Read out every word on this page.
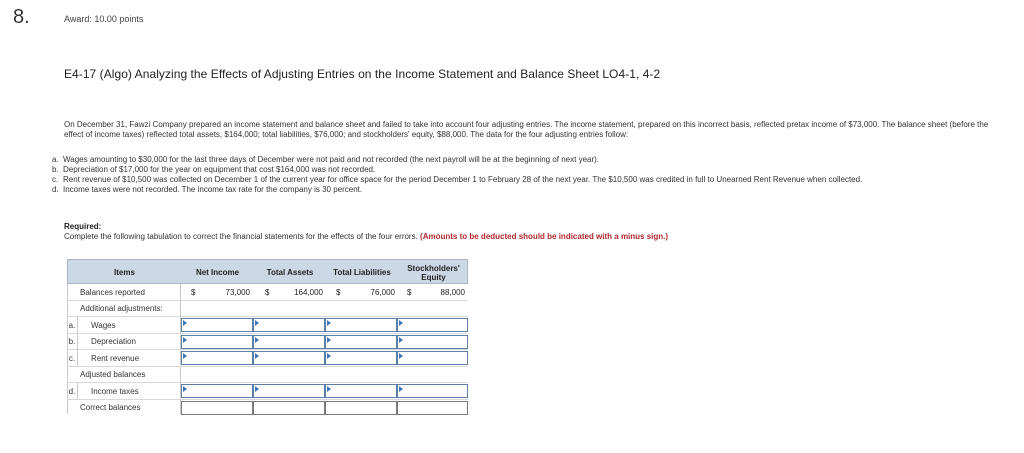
8.	Award: 10.00 points
E4-17 (Algo) Analyzing the Effects of Adjusting Entries on the Income Statement and Balance Sheet LO4-1, 4-2
On December 31, Fawzi Company prepared an income statement and balance sheet and failed to take into account four adjusting entries. The income statement, prepared on this incorrect basis, reflected pretax income of $73,000. The balance sheet (before the effect of income taxes) reflected total assets, $164,000; total liabilities, $76,000; and stockholders' equity, $88,000. The data for the four adjusting entries follow:
a. Wages amounting to $30,000 for the last three days of December were not paid and not recorded (the next payroll will be at the beginning of next year).
b. Depreciation of $17,000 for the year on equipment that cost $164,000 was not recorded.
c. Rent revenue of $10,500 was collected on December 1 of the current year for office space for the period December 1 to February 28 of the next year. The $10,500 was credited in full to Unearned Rent Revenue when collected.
d. Income taxes were not recorded. The income tax rate for the company is 30 percent.
Required:
Complete the following tabulation to correct the financial statements for the effects of the four errors. (Amounts to be deducted should be indicated with a minus sign.)
Items	Net Income	Total Assets	Total Liabilities	Stockholders' Equity
Balances reported	$	73,000 $	164,000 $	76,000 $	88,000
Additional adjustments:
a.	Wages
b.	Depreciation
c.	Rent revenue
Adjusted balances
d.	Income taxes
Correct balances
